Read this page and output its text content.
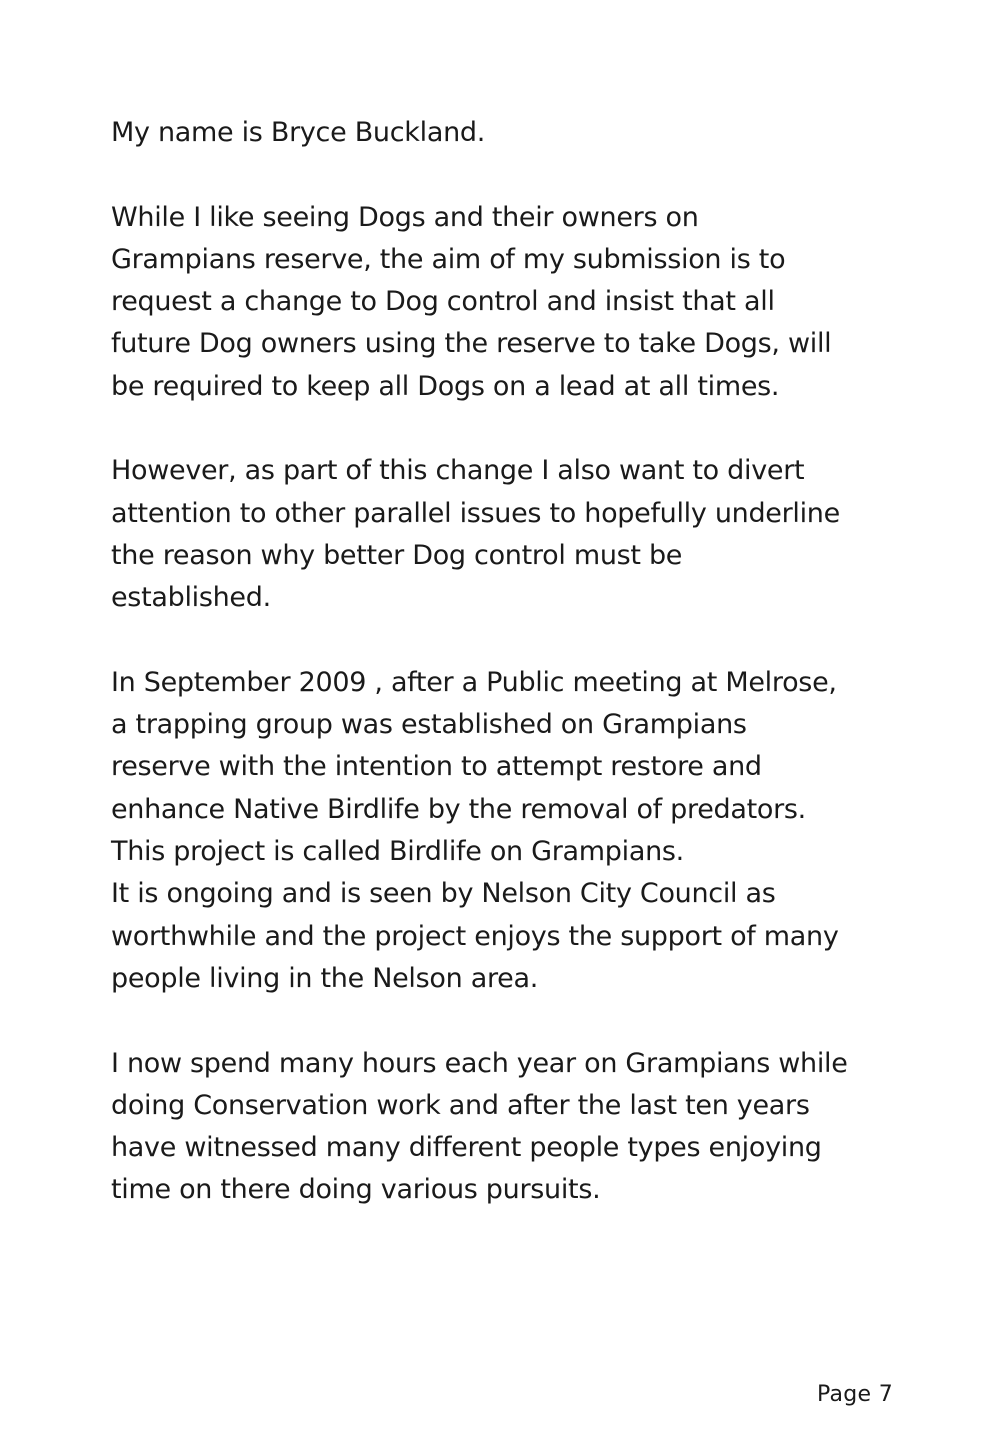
My name is Bryce Buckland.

While I like seeing Dogs and their owners on
Grampians reserve, the aim of my submission is to
request a change to Dog control and insist that all
future Dog owners using the reserve to take Dogs, will
be required to keep all Dogs on a lead at all times.

However, as part of this change I also want to divert
attention to other parallel issues to hopefully underline
the reason why better Dog control must be
established.

In September 2009 , after a Public meeting at Melrose,
a trapping group was established on Grampians
reserve with the intention to attempt restore and
enhance Native Birdlife by the removal of predators.
This project is called Birdlife on Grampians.
It is ongoing and is seen by Nelson City Council as
worthwhile and the project enjoys the support of many
people living in the Nelson area.

I now spend many hours each year on Grampians while
doing Conservation work and after the last ten years
have witnessed many different people types enjoying
time on there doing various pursuits.

Page 7
